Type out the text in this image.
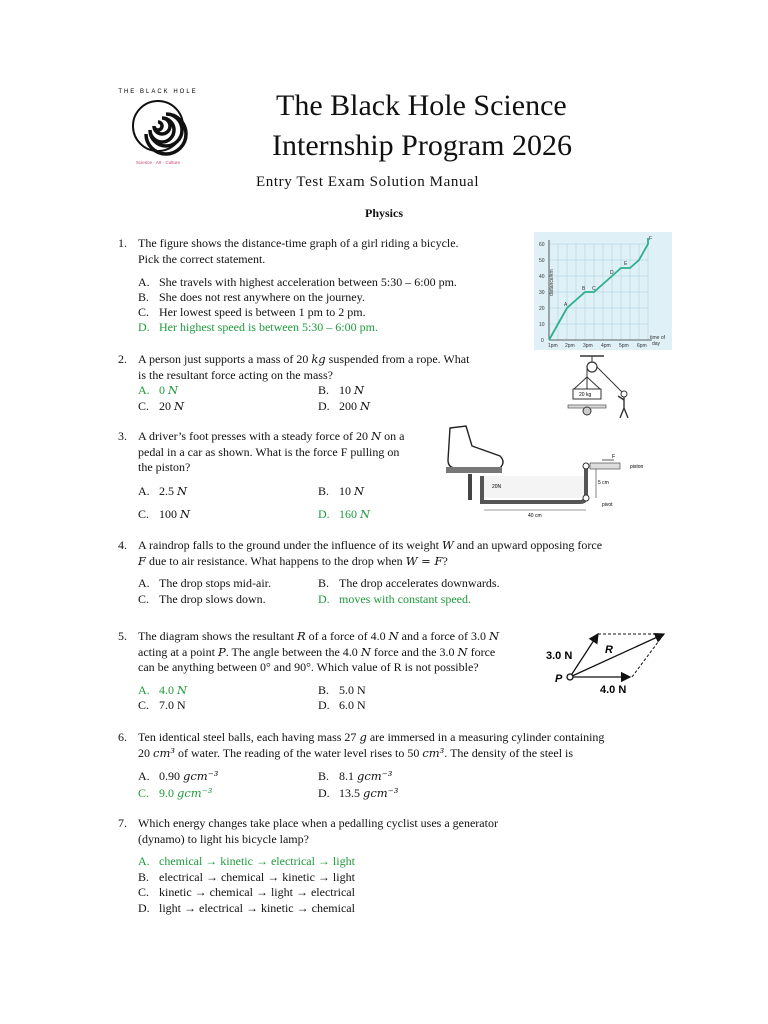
THE BLACK HOLE
Science · Art · Culture
The Black Hole Science
Internship Program 2026
Entry Test Exam Solution Manual
Physics
1. The figure shows the distance-time graph of a girl riding a bicycle.
Pick the correct statement.
A. She travels with highest acceleration between 5:30 – 6:00 pm.
B. She does not rest anywhere on the journey.
C. Her lowest speed is between 1 pm to 2 pm.
D. Her highest speed is between 5:30 – 6:00 pm.
0
10
20
30
40
50
60
1pm 2pm 3pm 4pm 5pm 6pm
time of
day
distance/km
A
B C
D
E
F
2. A person just supports a mass of 20 kg suspended from a rope. What
is the resultant force acting on the mass?
A. 0 N	B. 10 N
C. 20 N	D. 200 N
20 kg
3. A driver’s foot presses with a steady force of 20 N on a
pedal in a car as shown. What is the force F pulling on
the piston?
A. 2.5 N	B. 10 N
C. 100 N	D. 160 N
20N
40 cm
5 cm
F
piston
pivot
4. A raindrop falls to the ground under the influence of its weight W and an upward opposing force
F due to air resistance. What happens to the drop when W = F?
A. The drop stops mid-air.	B. The drop accelerates downwards.
C. The drop slows down.	D. moves with constant speed.
5. The diagram shows the resultant R of a force of 4.0 N and a force of 3.0 N
acting at a point P. The angle between the 4.0 N force and the 3.0 N force
can be anything between 0° and 90°. Which value of R is not possible?
A. 4.0 N	B. 5.0 N
C. 7.0 N	D. 6.0 N
3.0 N
4.0 N
R
P
6. Ten identical steel balls, each having mass 27 g are immersed in a measuring cylinder containing
20 cm³ of water. The reading of the water level rises to 50 cm³. The density of the steel is
A. 0.90 gcm⁻³	B. 8.1 gcm⁻³
C. 9.0 gcm⁻³	D. 13.5 gcm⁻³
7. Which energy changes take place when a pedalling cyclist uses a generator
(dynamo) to light his bicycle lamp?
A. chemical → kinetic → electrical → light
B. electrical → chemical → kinetic → light
C. kinetic → chemical → light → electrical
D. light → electrical → kinetic → chemical
